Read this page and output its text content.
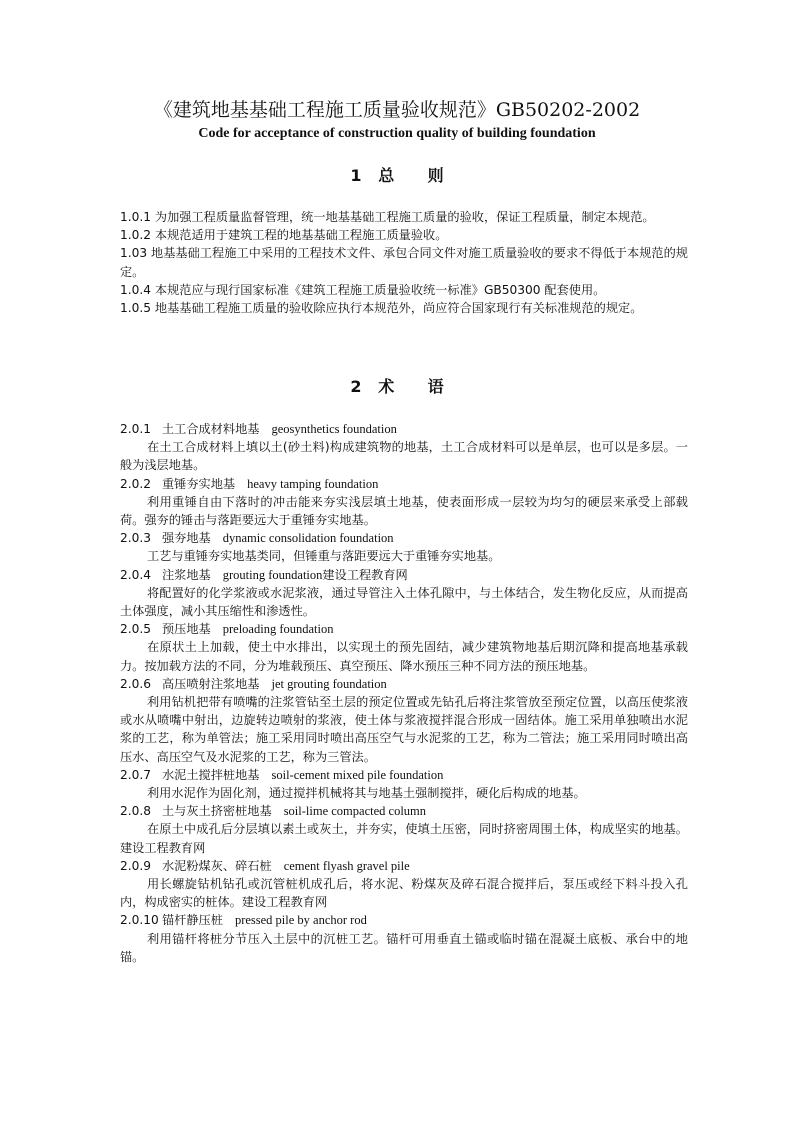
《建筑地基基础工程施工质量验收规范》GB50202-2002
Code for acceptance of construction quality of building foundation
1   总      则

1.0.1 为加强工程质量监督管理，统一地基基础工程施工质量的验收，保证工程质量，制定本规范。

1.0.2 本规范适用于建筑工程的地基基础工程施工质量验收。

1.03 地基基础工程施工中采用的工程技术文件、承包合同文件对施工质量验收的要求不得低于本规范的规定。

1.0.4 本规范应与现行国家标准《建筑工程施工质量验收统一标准》GB50300 配套使用。

1.0.5 地基基础工程施工质量的验收除应执行本规范外，尚应符合国家现行有关标准规范的规定。

2   术      语

2.0.1 土工合成材料地基 geosynthetics foundation

在土工合成材料上填以土(砂土料)构成建筑物的地基，土工合成材料可以是单层，也可以是多层。一般为浅层地基。

2.0.2 重锤夯实地基 heavy tamping foundation

利用重锤自由下落时的冲击能来夯实浅层填土地基，使表面形成一层较为均匀的硬层来承受上部载荷。强夯的锤击与落距要远大于重锤夯实地基。

2.0.3 强夯地基 dynamic consolidation foundation

工艺与重锤夯实地基类同，但锤重与落距要远大于重锤夯实地基。

2.0.4 注浆地基 grouting foundation建设工程教育网

将配置好的化学浆液或水泥浆液，通过导管注入土体孔隙中，与土体结合，发生物化反应，从而提高土体强度，减小其压缩性和渗透性。

2.0.5 预压地基 preloading foundation

在原状土上加载，使土中水排出，以实现土的预先固结，减少建筑物地基后期沉降和提高地基承载力。按加载方法的不同，分为堆载预压、真空预压、降水预压三种不同方法的预压地基。

2.0.6 高压喷射注浆地基 jet grouting foundation

利用钻机把带有喷嘴的注浆管钻至土层的预定位置或先钻孔后将注浆管放至预定位置，以高压使浆液或水从喷嘴中射出，边旋转边喷射的浆液，使土体与浆液搅拌混合形成一固结体。施工采用单独喷出水泥浆的工艺，称为单管法；施工采用同时喷出高压空气与水泥浆的工艺，称为二管法；施工采用同时喷出高压水、高压空气及水泥浆的工艺，称为三管法。

2.0.7 水泥土搅拌桩地基 soil-cement mixed pile foundation

利用水泥作为固化剂，通过搅拌机械将其与地基土强制搅拌，硬化后构成的地基。

2.0.8 土与灰土挤密桩地基 soil-lime compacted column

在原土中成孔后分层填以素土或灰土，并夯实，使填土压密，同时挤密周围土体，构成坚实的地基。建设工程教育网

2.0.9 水泥粉煤灰、碎石桩 cement flyash gravel pile

用长螺旋钻机钻孔或沉管桩机成孔后，将水泥、粉煤灰及碎石混合搅拌后，泵压或经下料斗投入孔内，构成密实的桩体。建设工程教育网

2.0.10 锚杆静压桩 pressed pile by anchor rod

利用锚杆将桩分节压入土层中的沉桩工艺。锚杆可用垂直土锚或临时锚在混凝土底板、承台中的地锚。
